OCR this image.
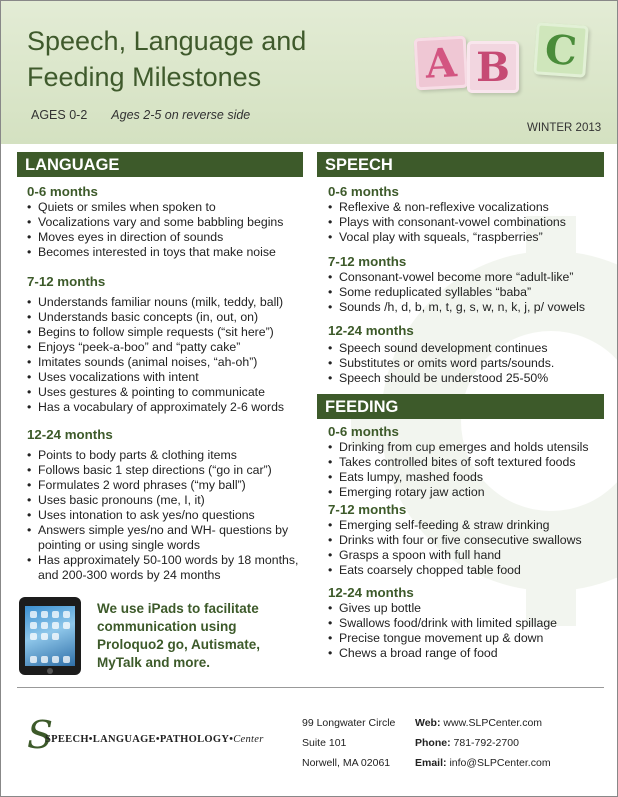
Speech, Language and
Feeding Milestones
AGES 0-2 Ages 2-5 on reverse side
WINTER 2013
A B C
LANGUAGE	SPEECH
FEEDING
0-6 months
• Quiets or smiles when spoken to
• Vocalizations vary and some babbling begins
• Moves eyes in direction of sounds
• Becomes interested in toys that make noise
7-12 months
• Understands familiar nouns (milk, teddy, ball)
• Understands basic concepts (in, out, on)
• Begins to follow simple requests (“sit here”)
• Enjoys “peek-a-boo” and “patty cake”
• Imitates sounds (animal noises, “ah-oh”)
• Uses vocalizations with intent
• Uses gestures & pointing to communicate
• Has a vocabulary of approximately 2-6 words
12-24 months
• Points to body parts & clothing items
• Follows basic 1 step directions (“go in car”)
• Formulates 2 word phrases (“my ball”)
• Uses basic pronouns (me, I, it)
• Uses intonation to ask yes/no questions
• Answers simple yes/no and WH- questions by pointing or using single words
• Has approximately 50-100 words by 18 months, and 200-300 words by 24 months
0-6 months
• Reflexive & non-reflexive vocalizations
• Plays with consonant-vowel combinations
• Vocal play with squeals, “raspberries”
7-12 months
• Consonant-vowel become more “adult-like”
• Some reduplicated syllables “baba”
• Sounds /h, d, b, m, t, g, s, w, n, k, j, p/ vowels
12-24 months
• Speech sound development continues
• Substitutes or omits word parts/sounds.
• Speech should be understood 25-50%
0-6 months
• Drinking from cup emerges and holds utensils
• Takes controlled bites of soft textured foods
• Eats lumpy, mashed foods
• Emerging rotary jaw action
7-12 months
• Emerging self-feeding & straw drinking
• Drinks with four or five consecutive swallows
• Grasps a spoon with full hand
• Eats coarsely chopped table food
12-24 months
• Gives up bottle
• Swallows food/drink with limited spillage
• Precise tongue movement up & down
• Chews a broad range of food
We use iPads to facilitate communication using Proloquo2 go, Autismate, MyTalk and more.
S
SPEECH•LANGUAGE•PATHOLOGY•Center
99 Longwater Circle
Suite 101
Norwell, MA 02061
Web: www.SLPCenter.com
Phone: 781-792-2700
Email: info@SLPCenter.com
